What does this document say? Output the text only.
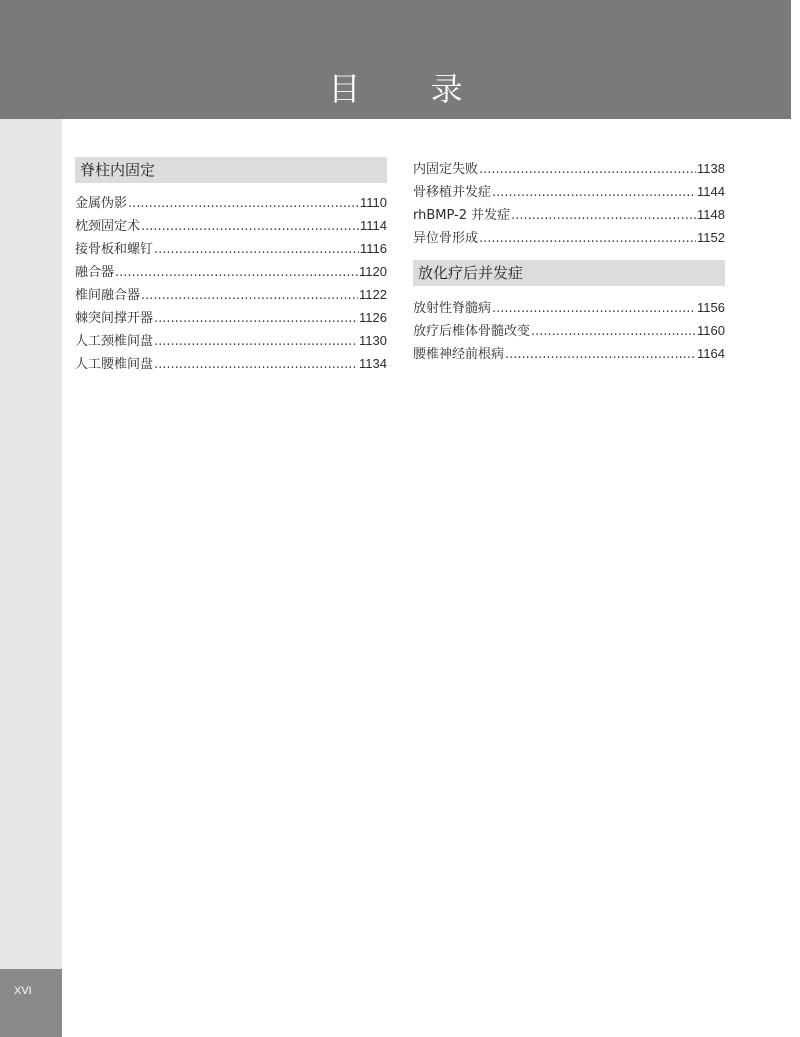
目 录
XVI
脊柱内固定
金属伪影 .....	1110
枕颈固定术 .....	1114
接骨板和螺钉 .....	1116
融合器 .....	1120
椎间融合器 .....	1122
棘突间撑开器 .....	1126
人工颈椎间盘 .....	1130
人工腰椎间盘 .....	1134
内固定失败 .....	1138
骨移植并发症 .....	1144
rhBMP-2 并发症 .....	1148
异位骨形成 .....	1152
放化疗后并发症
放射性脊髓病 .....	1156
放疗后椎体骨髓改变 .....	1160
腰椎神经前根病 .....	1164
